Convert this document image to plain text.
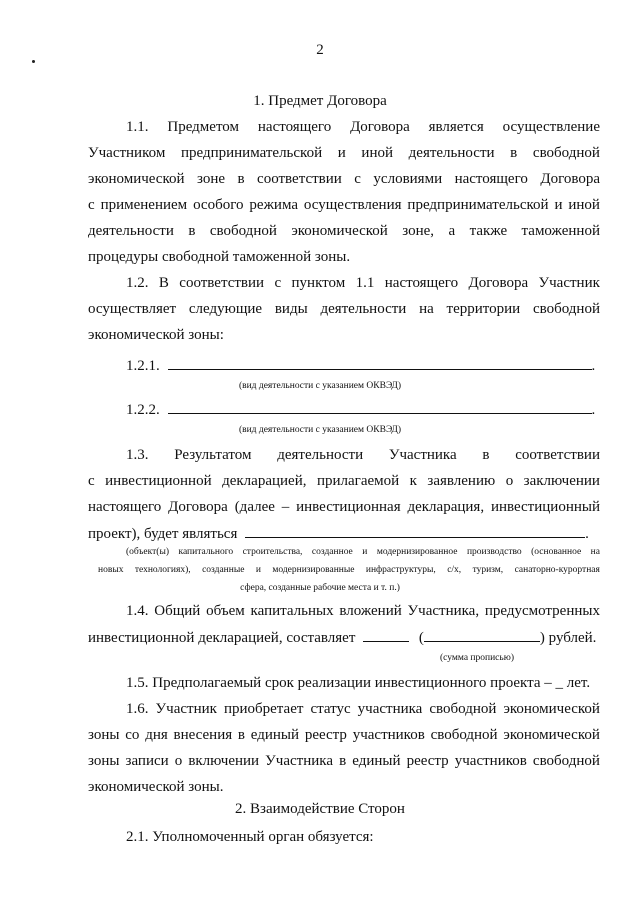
2
1. Предмет Договора
1.1. Предметом настоящего Договора является осуществление
Участником предпринимательской и иной деятельности в свободной
экономической зоне в соответствии с условиями настоящего Договора
с применением особого режима осуществления предпринимательской и иной
деятельности в свободной экономической зоне, а также таможенной
процедуры свободной таможенной зоны.
1.2. В соответствии с пунктом 1.1 настоящего Договора Участник
осуществляет следующие виды деятельности на территории свободной
экономической зоны:
1.2.1.	.
(вид деятельности с указанием ОКВЭД)
1.2.2.	.
(вид деятельности с указанием ОКВЭД)
1.3. Результатом деятельности Участника в соответствии
с инвестиционной декларацией, прилагаемой к заявлению о заключении
настоящего Договора (далее – инвестиционная декларация, инвестиционный
проект), будет являться	.
(объект(ы) капитального строительства, созданное и модернизированное производство (основанное на
новых технологиях), созданные и модернизированные инфраструктуры, с/х, туризм, санаторно-курортная
сфера, созданные рабочие места и т. п.)
1.4. Общий объем капитальных вложений Участника, предусмотренных
инвестиционной декларацией, составляет	(	) рублей.
(сумма прописью)
1.5. Предполагаемый срок реализации инвестиционного проекта – _ лет.
1.6. Участник приобретает статус участника свободной экономической
зоны со дня внесения в единый реестр участников свободной экономической
зоны записи о включении Участника в единый реестр участников свободной
экономической зоны.
2. Взаимодействие Сторон
2.1. Уполномоченный орган обязуется:
